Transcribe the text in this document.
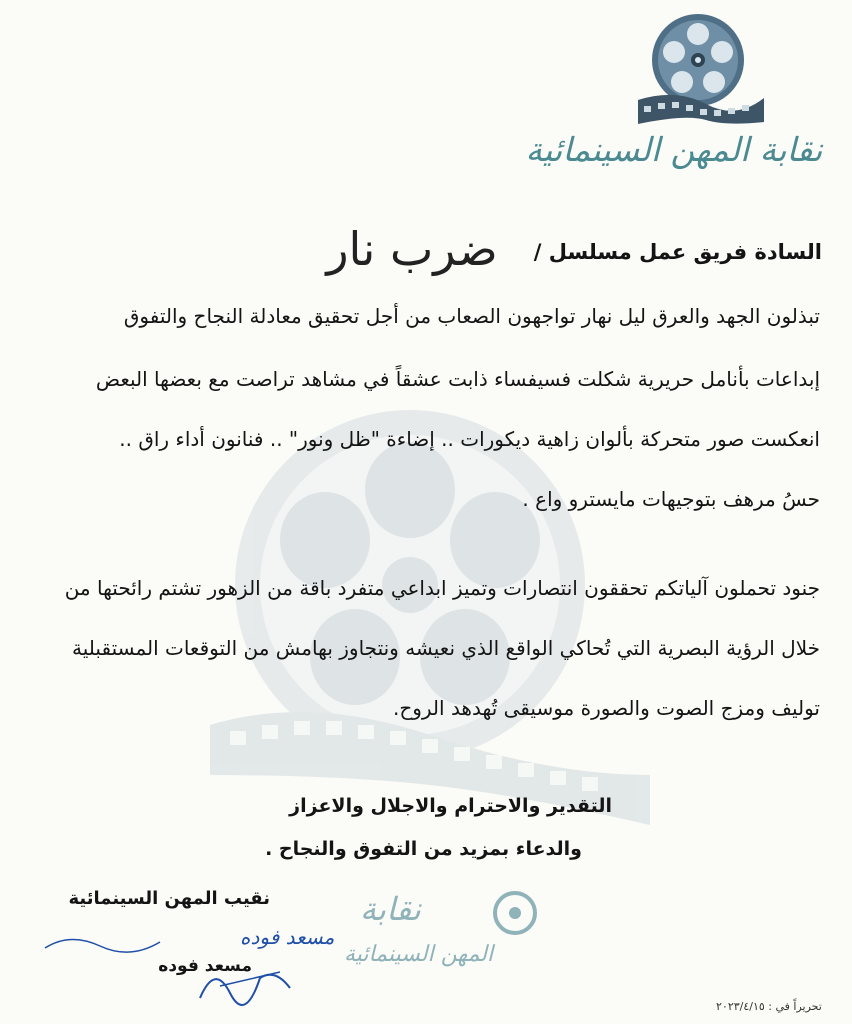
نقابة المهن السينمائية
السادة فريق عمل مسلسل /
ضرب نار
تبذلون الجهد والعرق ليل نهار تواجهون الصعاب من أجل تحقيق معادلة النجاح والتفوق
إبداعات بأنامل حريرية شكلت فسيفساء ذابت عشقاً في مشاهد تراصت مع بعضها البعض
انعكست صور متحركة بألوان زاهية ديكورات .. إضاءة "ظل ونور" .. فنانون أداء راق ..
حسُ مرهف بتوجيهات مايسترو واع .
جنود تحملون آلياتكم تحققون انتصارات وتميز ابداعي متفرد باقة من الزهور تشتم رائحتها من
خلال الرؤية البصرية التي تُحاكي الواقع الذي نعيشه ونتجاوز بهامش من التوقعات المستقبلية
توليف ومزج الصوت والصورة موسيقى تُهدهد الروح.
التقدير والاحترام والاجلال والاعزاز
والدعاء بمزيد من التفوق والنجاح .
نقيب المهن السينمائية
مسعد فوده
مسعد فوده
نقابة
المهن السينمائية
تحريراً في : ٢٠٢٣/٤/١٥
